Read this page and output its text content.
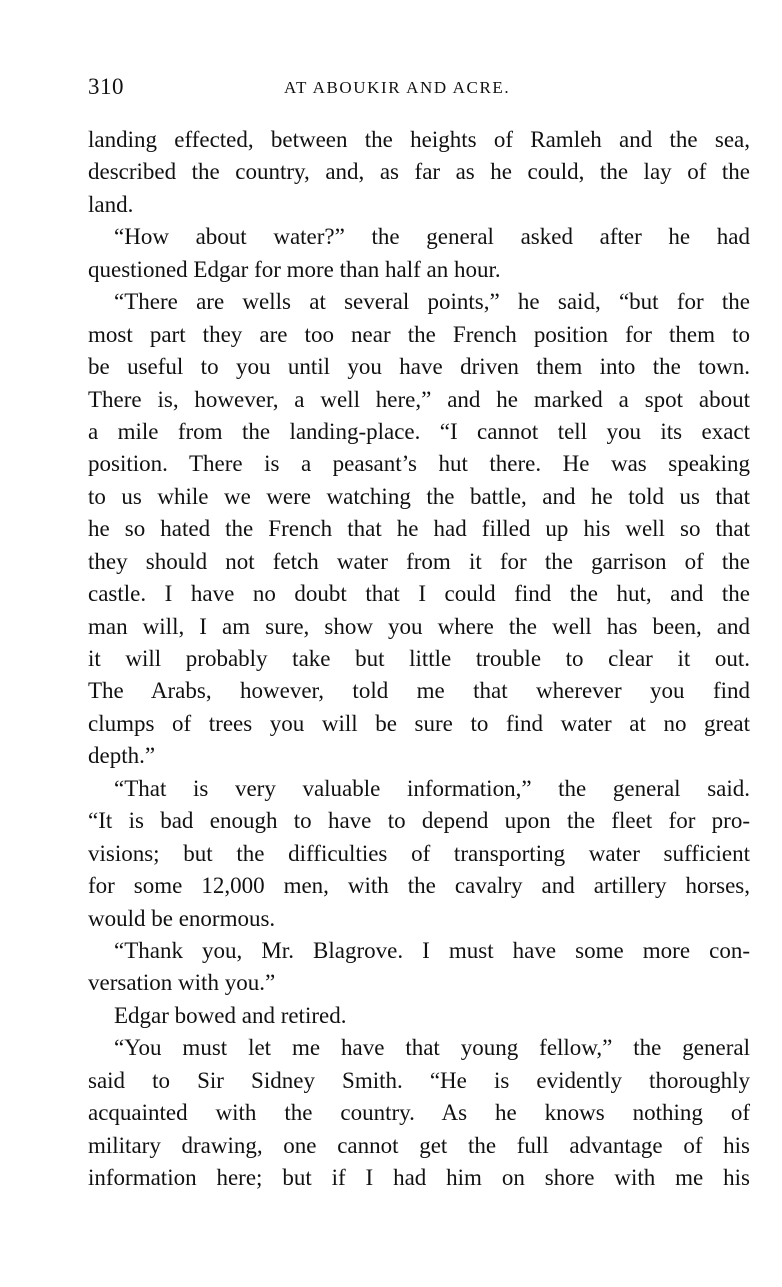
310	AT ABOUKIR AND ACRE.
landing effected, between the heights of Ramleh and the sea,
described the country, and, as far as he could, the lay of the
land.
“How about water?” the general asked after he had
questioned Edgar for more than half an hour.
“There are wells at several points,” he said, “but for the
most part they are too near the French position for them to
be useful to you until you have driven them into the town.
There is, however, a well here,” and he marked a spot about
a mile from the landing-place. “I cannot tell you its exact
position. There is a peasant’s hut there. He was speaking
to us while we were watching the battle, and he told us that
he so hated the French that he had filled up his well so that
they should not fetch water from it for the garrison of the
castle. I have no doubt that I could find the hut, and the
man will, I am sure, show you where the well has been, and
it will probably take but little trouble to clear it out.
The Arabs, however, told me that wherever you find
clumps of trees you will be sure to find water at no great
depth.”
“That is very valuable information,” the general said.
“It is bad enough to have to depend upon the fleet for pro-
visions; but the difficulties of transporting water sufficient
for some 12,000 men, with the cavalry and artillery horses,
would be enormous.
“Thank you, Mr. Blagrove. I must have some more con-
versation with you.”
Edgar bowed and retired.
“You must let me have that young fellow,” the general
said to Sir Sidney Smith. “He is evidently thoroughly
acquainted with the country. As he knows nothing of
military drawing, one cannot get the full advantage of his
information here; but if I had him on shore with me his
